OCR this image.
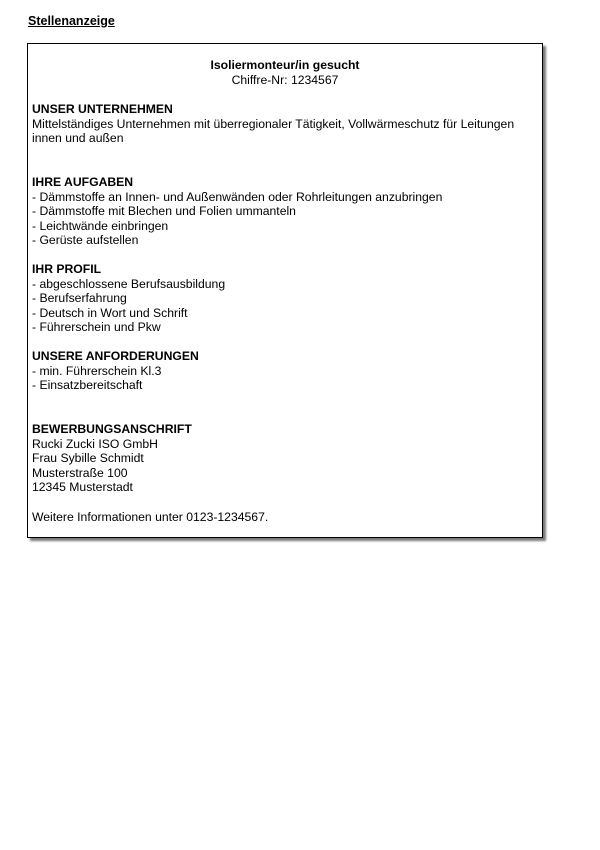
Stellenanzeige
Isoliermonteur/in gesucht
Chiffre-Nr: 1234567
UNSER UNTERNEHMEN
Mittelständiges Unternehmen mit überregionaler Tätigkeit, Vollwärmeschutz für Leitungen innen und außen
IHRE AUFGABEN
- Dämmstoffe an Innen- und Außenwänden oder Rohrleitungen anzubringen
- Dämmstoffe mit Blechen und Folien ummanteln
- Leichtwände einbringen
- Gerüste aufstellen
IHR PROFIL
- abgeschlossene Berufsausbildung
- Berufserfahrung
- Deutsch in Wort und Schrift
- Führerschein und Pkw
UNSERE ANFORDERUNGEN
- min. Führerschein Kl.3
- Einsatzbereitschaft
BEWERBUNGSANSCHRIFT
Rucki Zucki ISO GmbH
Frau Sybille Schmidt
Musterstraße 100
12345 Musterstadt
Weitere Informationen unter 0123-1234567.
